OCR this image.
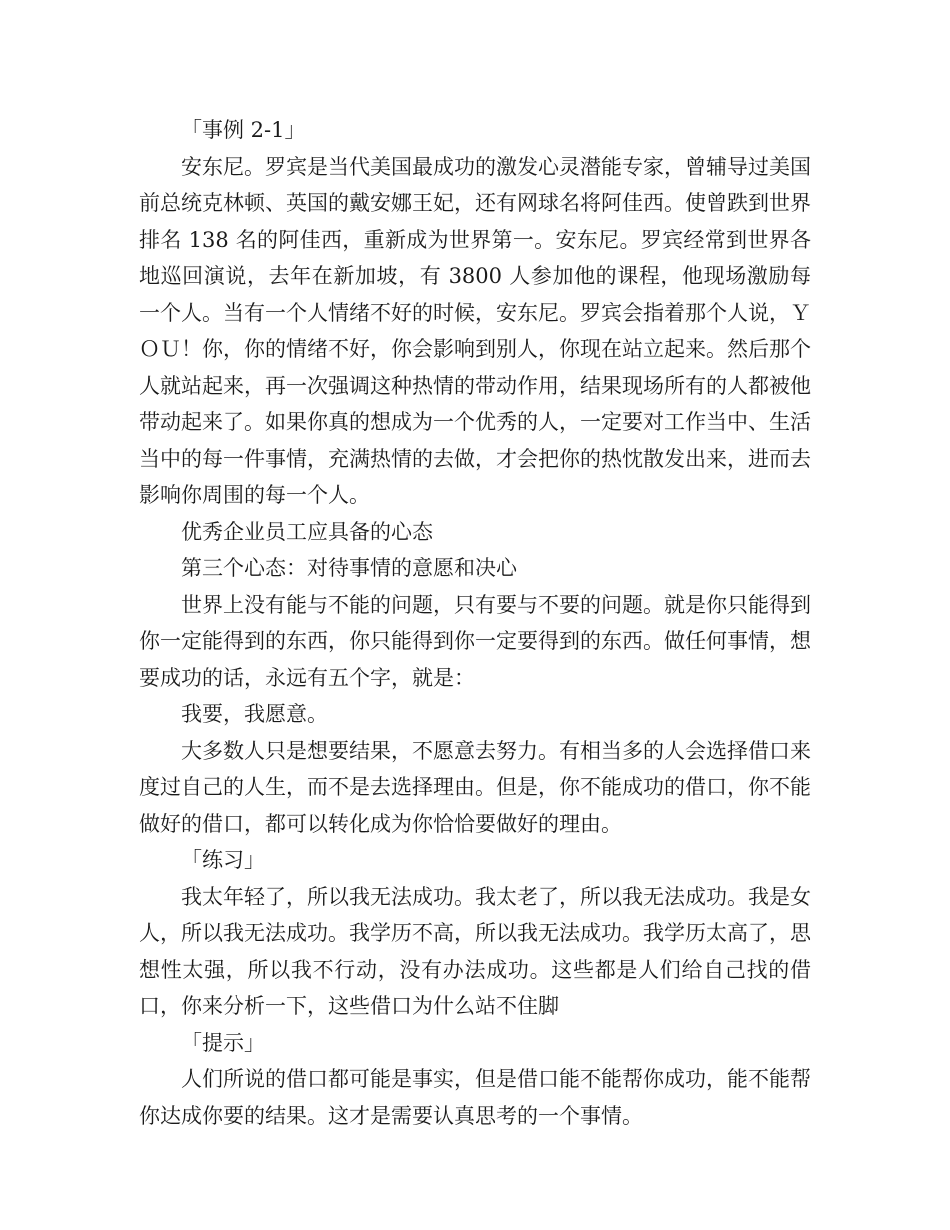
「事例 2-1」

安东尼。罗宾是当代美国最成功的激发心灵潜能专家，曾辅导过美国前总统克林顿、英国的戴安娜王妃，还有网球名将阿佳西。使曾跌到世界排名 138 名的阿佳西，重新成为世界第一。安东尼。罗宾经常到世界各地巡回演说，去年在新加坡，有 3800 人参加他的课程，他现场激励每一个人。当有一个人情绪不好的时候，安东尼。罗宾会指着那个人说，ＹＯＵ！你，你的情绪不好，你会影响到别人，你现在站立起来。然后那个人就站起来，再一次强调这种热情的带动作用，结果现场所有的人都被他带动起来了。如果你真的想成为一个优秀的人，一定要对工作当中、生活当中的每一件事情，充满热情的去做，才会把你的热忱散发出来，进而去影响你周围的每一个人。

优秀企业员工应具备的心态

第三个心态：对待事情的意愿和决心

世界上没有能与不能的问题，只有要与不要的问题。就是你只能得到你一定能得到的东西，你只能得到你一定要得到的东西。做任何事情，想要成功的话，永远有五个字，就是：

我要，我愿意。

大多数人只是想要结果，不愿意去努力。有相当多的人会选择借口来度过自己的人生，而不是去选择理由。但是，你不能成功的借口，你不能做好的借口，都可以转化成为你恰恰要做好的理由。

「练习」

我太年轻了，所以我无法成功。我太老了，所以我无法成功。我是女人，所以我无法成功。我学历不高，所以我无法成功。我学历太高了，思想性太强，所以我不行动，没有办法成功。这些都是人们给自己找的借口，你来分析一下，这些借口为什么站不住脚

「提示」

人们所说的借口都可能是事实，但是借口能不能帮你成功，能不能帮你达成你要的结果。这才是需要认真思考的一个事情。
